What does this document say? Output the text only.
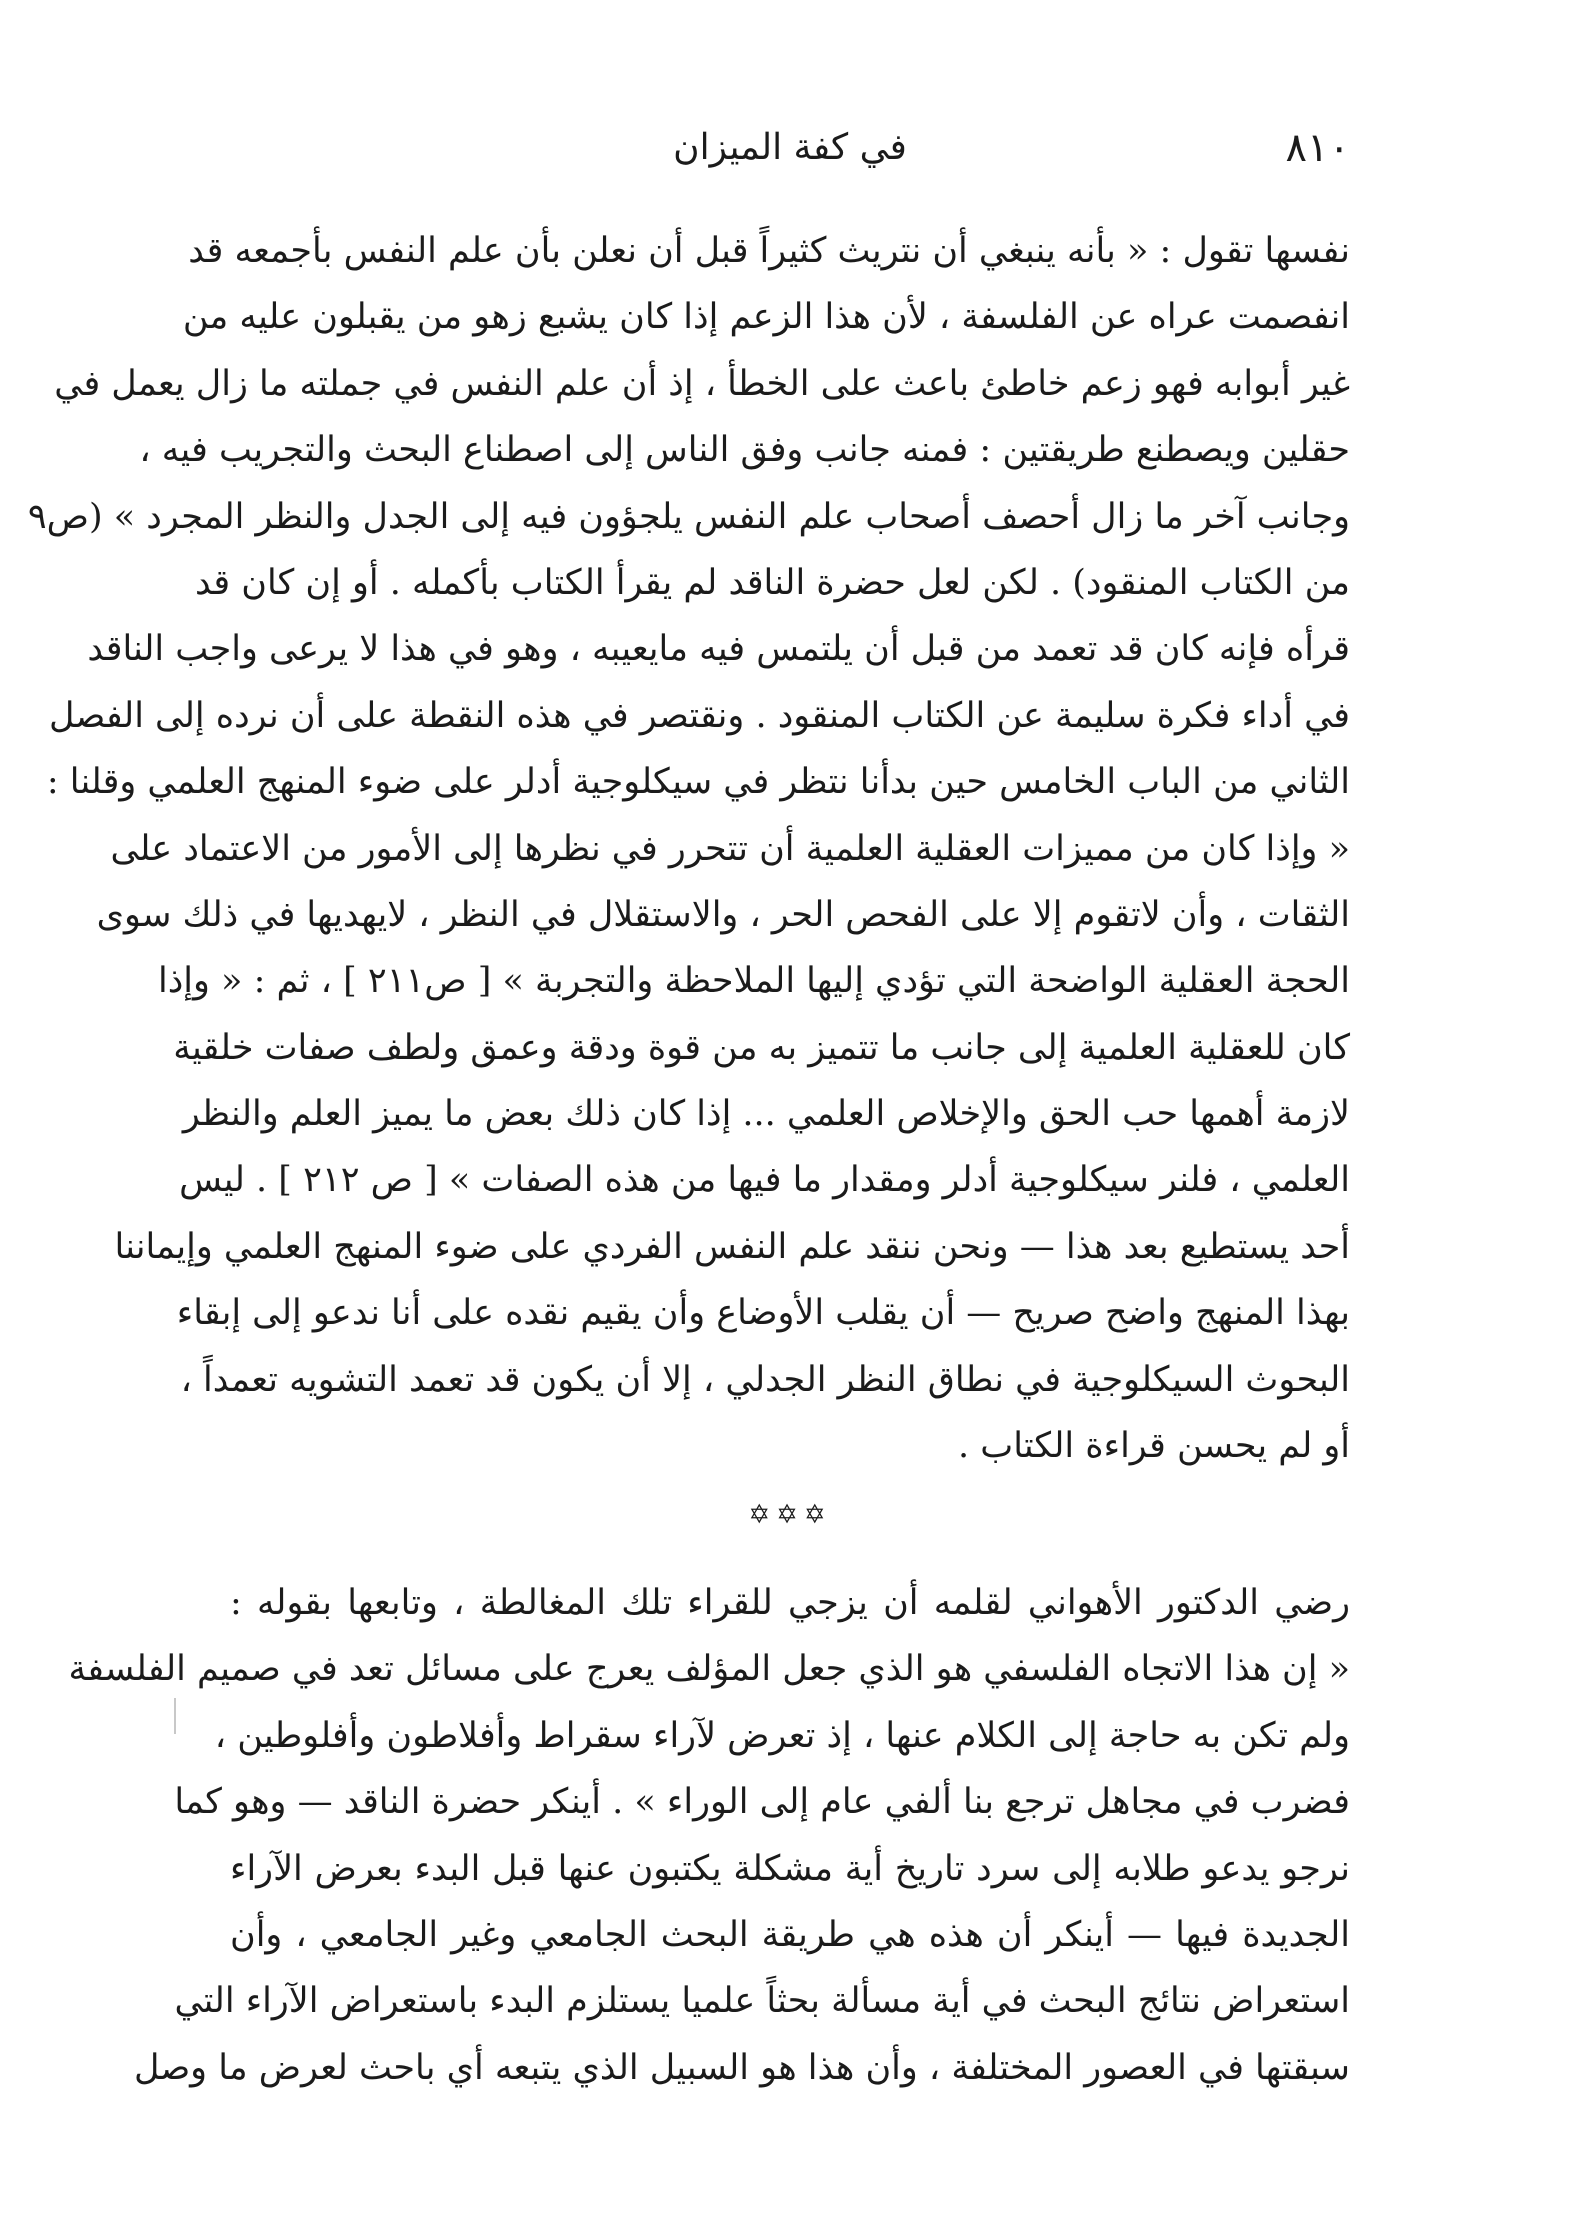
في كفة الميزان	٨١٠
نفسها تقول : « بأنه ينبغي أن نتريث كثيراً قبل أن نعلن بأن علم النفس بأجمعه قد
انفصمت عراه عن الفلسفة ، لأن هذا الزعم إذا كان يشبع زهو من يقبلون عليه من
غير أبوابه فهو زعم خاطئ باعث على الخطأ ، إذ أن علم النفس في جملته ما زال يعمل في
حقلين ويصطنع طريقتين : فمنه جانب وفق الناس إلى اصطناع البحث والتجريب فيه ،
وجانب آخر ما زال أحصف أصحاب علم النفس يلجؤون فيه إلى الجدل والنظر المجرد » (ص٩
من الكتاب المنقود) . لكن لعل حضرة الناقد لم يقرأ الكتاب بأكمله . أو إن كان قد
قرأه فإنه كان قد تعمد من قبل أن يلتمس فيه مايعيبه ، وهو في هذا لا يرعى واجب الناقد
في أداء فكرة سليمة عن الكتاب المنقود . ونقتصر في هذه النقطة على أن نرده إلى الفصل
الثاني من الباب الخامس حين بدأنا نتظر في سيكلوجية أدلر على ضوء المنهج العلمي وقلنا :
« وإذا كان من مميزات العقلية العلمية أن تتحرر في نظرها إلى الأمور من الاعتماد على
الثقات ، وأن لاتقوم إلا على الفحص الحر ، والاستقلال في النظر ، لايهديها في ذلك سوى
الحجة العقلية الواضحة التي تؤدي إليها الملاحظة والتجربة » [ ص٢١١ ] ، ثم : « وإذا
كان للعقلية العلمية إلى جانب ما تتميز به من قوة ودقة وعمق ولطف صفات خلقية
لازمة أهمها حب الحق والإخلاص العلمي ... إذا كان ذلك بعض ما يميز العلم والنظر
العلمي ، فلنر سيكلوجية أدلر ومقدار ما فيها من هذه الصفات » [ ص ٢١٢ ] . ليس
أحد يستطيع بعد هذا — ونحن ننقد علم النفس الفردي على ضوء المنهج العلمي وإيماننا
بهذا المنهج واضح صريح — أن يقلب الأوضاع وأن يقيم نقده على أنا ندعو إلى إبقاء
البحوث السيكلوجية في نطاق النظر الجدلي ، إلا أن يكون قد تعمد التشويه تعمداً ،
أو لم يحسن قراءة الكتاب .
✡✡✡
رضي الدكتور الأهواني لقلمه أن يزجي للقراء تلك المغالطة ، وتابعها بقوله :
« إن هذا الاتجاه الفلسفي هو الذي جعل المؤلف يعرج على مسائل تعد في صميم الفلسفة
ولم تكن به حاجة إلى الكلام عنها ، إذ تعرض لآراء سقراط وأفلاطون وأفلوطين ،
فضرب في مجاهل ترجع بنا ألفي عام إلى الوراء » . أينكر حضرة الناقد — وهو كما
نرجو يدعو طلابه إلى سرد تاريخ أية مشكلة يكتبون عنها قبل البدء بعرض الآراء
الجديدة فيها — أينكر أن هذه هي طريقة البحث الجامعي وغير الجامعي ، وأن
استعراض نتائج البحث في أية مسألة بحثاً علميا يستلزم البدء باستعراض الآراء التي
سبقتها في العصور المختلفة ، وأن هذا هو السبيل الذي يتبعه أي باحث لعرض ما وصل
